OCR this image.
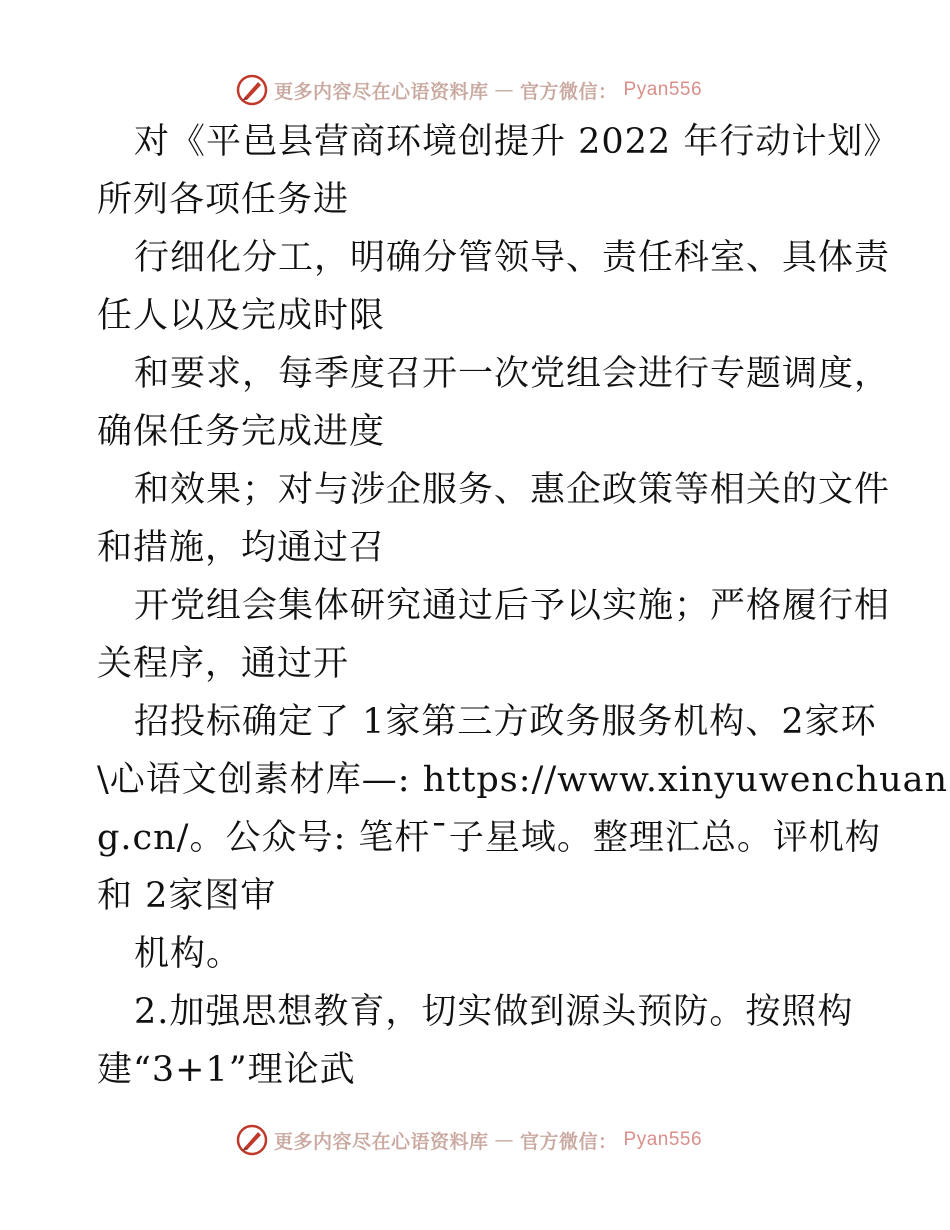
更多内容尽在心语资料库 — 官方微信： Pyan556
对《平邑县营商环境创提升 2022 年行动计划》
所列各项任务进
行细化分工，明确分管领导、责任科室、具体责
任人以及完成时限
和要求，每季度召开一次党组会进行专题调度，
确保任务完成进度
和效果；对与涉企服务、惠企政策等相关的文件
和措施，均通过召
开党组会集体研究通过后予以实施；严格履行相
关程序，通过开
招投标确定了 1家第三方政务服务机构、2家环
\心语文创素材库—: https://www.xinyuwenchuan
g.cn/。公众号: 笔杆¯子星域。整理汇总。评机构
和 2家图审
机构。
2.加强思想教育，切实做到源头预防。按照构
建“3+1”理论武
更多内容尽在心语资料库 — 官方微信： Pyan556
